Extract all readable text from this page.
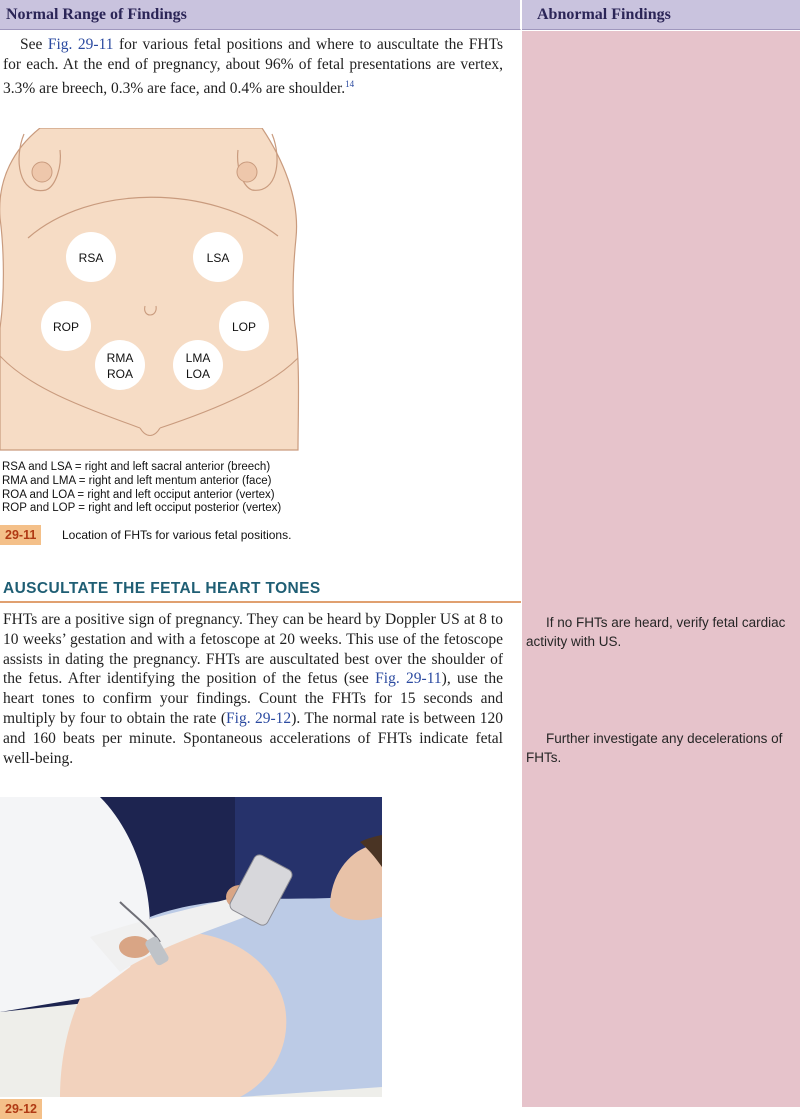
Normal Range of Findings	Abnormal Findings

See Fig. 29-11 for various fetal positions and where to auscultate the FHTs for each. At the end of pregnancy, about 96% of fetal presentations are vertex, 3.3% are breech, 0.3% are face, and 0.4% are shoulder.$^{14}$

RSA	LSA
ROP	LOP
RMA
ROA
LMA
LOA
RSA and LSA = right and left sacral anterior (breech)
RMA and LMA = right and left mentum anterior (face)
ROA and LOA = right and left occiput anterior (vertex)
ROP and LOP = right and left occiput posterior (vertex)
29-11	Location of FHTs for various fetal positions.
AUSCULTATE THE FETAL HEART TONES

FHTs are a positive sign of pregnancy. They can be heard by Doppler US at 8 to 10 weeks’ gestation and with a fetoscope at 20 weeks. This use of the fetoscope assists in dating the pregnancy. FHTs are auscultated best over the shoulder of the fetus. After identifying the position of the fetus (see Fig. 29-11), use the heart tones to confirm your findings. Count the FHTs for 15 seconds and multiply by four to obtain the rate (Fig. 29-12). The normal rate is between 120 and 160 beats per minute. Spontaneous accelerations of FHTs indicate fetal well-being.

If no FHTs are heard, verify fetal cardiac activity with US.

Further investigate any decelerations of FHTs.

29-12
